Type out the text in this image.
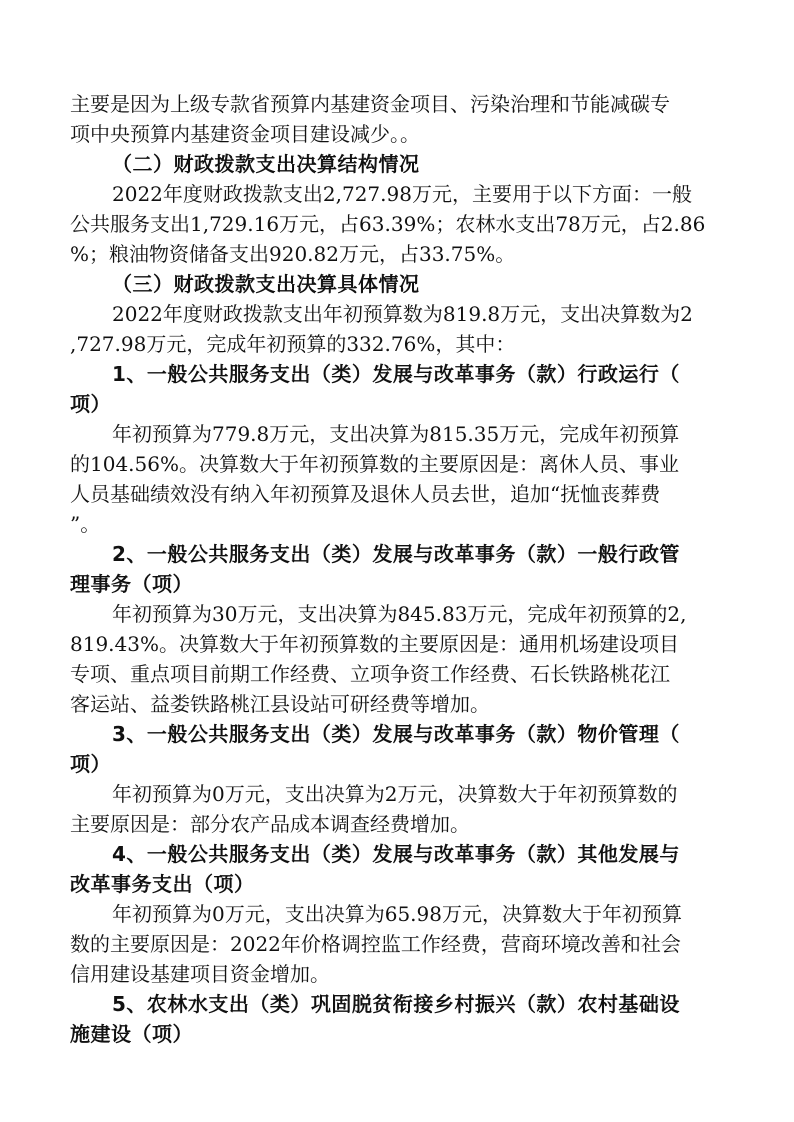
主要是因为上级专款省预算内基建资金项目、污染治理和节能减碳专
项中央预算内基建资金项目建设减少。。
（二）财政拨款支出决算结构情况
2022年度财政拨款支出2,727.98万元，主要用于以下方面：一般
公共服务支出1,729.16万元，占63.39%；农林水支出78万元，占2.86
%；粮油物资储备支出920.82万元，占33.75%。
（三）财政拨款支出决算具体情况
2022年度财政拨款支出年初预算数为819.8万元，支出决算数为2
,727.98万元，完成年初预算的332.76%，其中：
1、一般公共服务支出（类）发展与改革事务（款）行政运行（
项）
年初预算为779.8万元，支出决算为815.35万元，完成年初预算
的104.56%。决算数大于年初预算数的主要原因是：离休人员、事业
人员基础绩效没有纳入年初预算及退休人员去世，追加“抚恤丧葬费
”。
2、一般公共服务支出（类）发展与改革事务（款）一般行政管
理事务（项）
年初预算为30万元，支出决算为845.83万元，完成年初预算的2,
819.43%。决算数大于年初预算数的主要原因是：通用机场建设项目
专项、重点项目前期工作经费、立项争资工作经费、石长铁路桃花江
客运站、益娄铁路桃江县设站可研经费等增加。
3、一般公共服务支出（类）发展与改革事务（款）物价管理（
项）
年初预算为0万元，支出决算为2万元，决算数大于年初预算数的
主要原因是：部分农产品成本调查经费增加。
4、一般公共服务支出（类）发展与改革事务（款）其他发展与
改革事务支出（项）
年初预算为0万元，支出决算为65.98万元，决算数大于年初预算
数的主要原因是：2022年价格调控监工作经费，营商环境改善和社会
信用建设基建项目资金增加。
5、农林水支出（类）巩固脱贫衔接乡村振兴（款）农村基础设
施建设（项）
